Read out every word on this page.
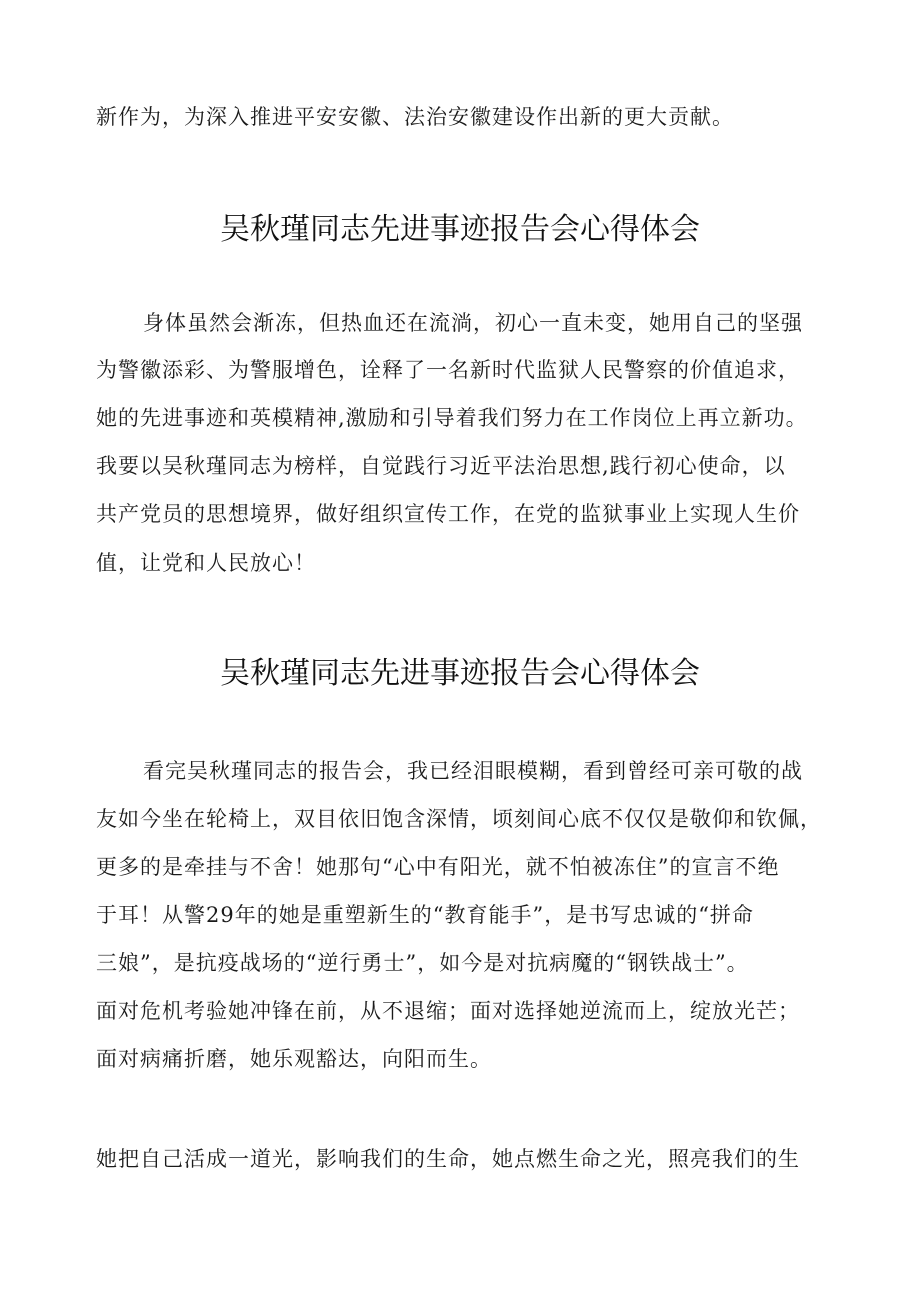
新作为，为深入推进平安安徽、法治安徽建设作出新的更大贡献。
吴秋瑾同志先进事迹报告会心得体会
身体虽然会渐冻，但热血还在流淌，初心一直未变，她用自己的坚强
为警徽添彩、为警服增色，诠释了一名新时代监狱人民警察的价值追求，
她的先进事迹和英模精神,激励和引导着我们努力在工作岗位上再立新功。
我要以吴秋瑾同志为榜样，自觉践行习近平法治思想,践行初心使命，以
共产党员的思想境界，做好组织宣传工作，在党的监狱事业上实现人生价
值，让党和人民放心！
吴秋瑾同志先进事迹报告会心得体会
看完吴秋瑾同志的报告会，我已经泪眼模糊，看到曾经可亲可敬的战
友如今坐在轮椅上，双目依旧饱含深情，顷刻间心底不仅仅是敬仰和钦佩，
更多的是牵挂与不舍！她那句“心中有阳光，就不怕被冻住”的宣言不绝
于耳！从警29年的她是重塑新生的“教育能手”，是书写忠诚的“拼命
三娘”，是抗疫战场的“逆行勇士”，如今是对抗病魔的“钢铁战士”。
面对危机考验她冲锋在前，从不退缩；面对选择她逆流而上，绽放光芒；
面对病痛折磨，她乐观豁达，向阳而生。
她把自己活成一道光，影响我们的生命，她点燃生命之光，照亮我们的生
